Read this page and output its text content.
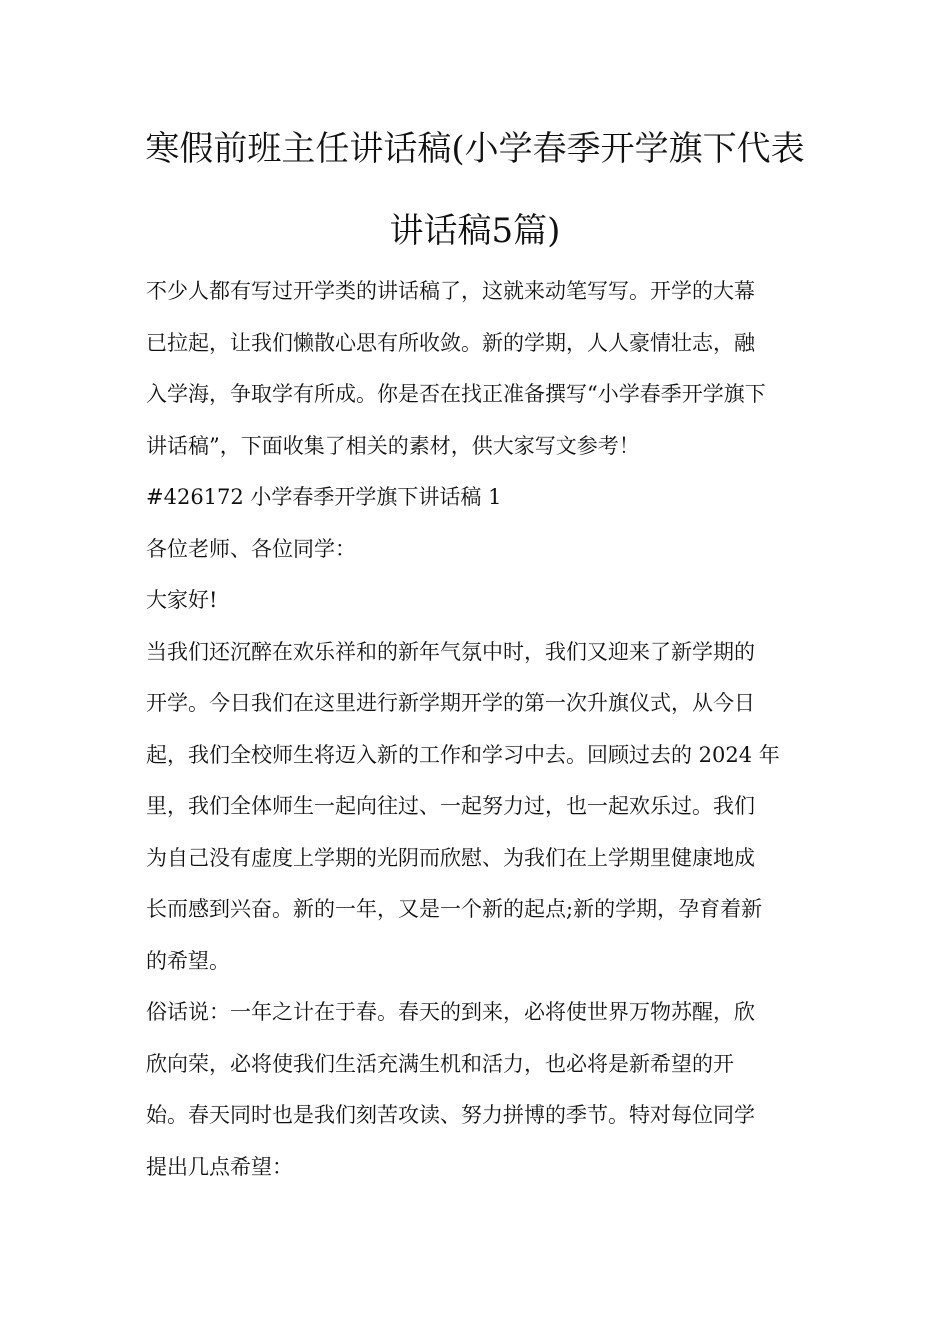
寒假前班主任讲话稿(小学春季开学旗下代表
讲话稿5篇)

不少人都有写过开学类的讲话稿了，这就来动笔写写。开学的大幕
已拉起，让我们懒散心思有所收敛。新的学期，人人豪情壮志，融
入学海，争取学有所成。你是否在找正准备撰写“小学春季开学旗下
讲话稿”，下面收集了相关的素材，供大家写文参考！

#426172 小学春季开学旗下讲话稿 1

各位老师、各位同学：

大家好!

当我们还沉醉在欢乐祥和的新年气氛中时，我们又迎来了新学期的
开学。今日我们在这里进行新学期开学的第一次升旗仪式，从今日
起，我们全校师生将迈入新的工作和学习中去。回顾过去的 2024 年
里，我们全体师生一起向往过、一起努力过，也一起欢乐过。我们
为自己没有虚度上学期的光阴而欣慰、为我们在上学期里健康地成
长而感到兴奋。新的一年，又是一个新的起点;新的学期，孕育着新
的希望。

俗话说：一年之计在于春。春天的到来，必将使世界万物苏醒，欣
欣向荣，必将使我们生活充满生机和活力，也必将是新希望的开
始。春天同时也是我们刻苦攻读、努力拼博的季节。特对每位同学
提出几点希望：
